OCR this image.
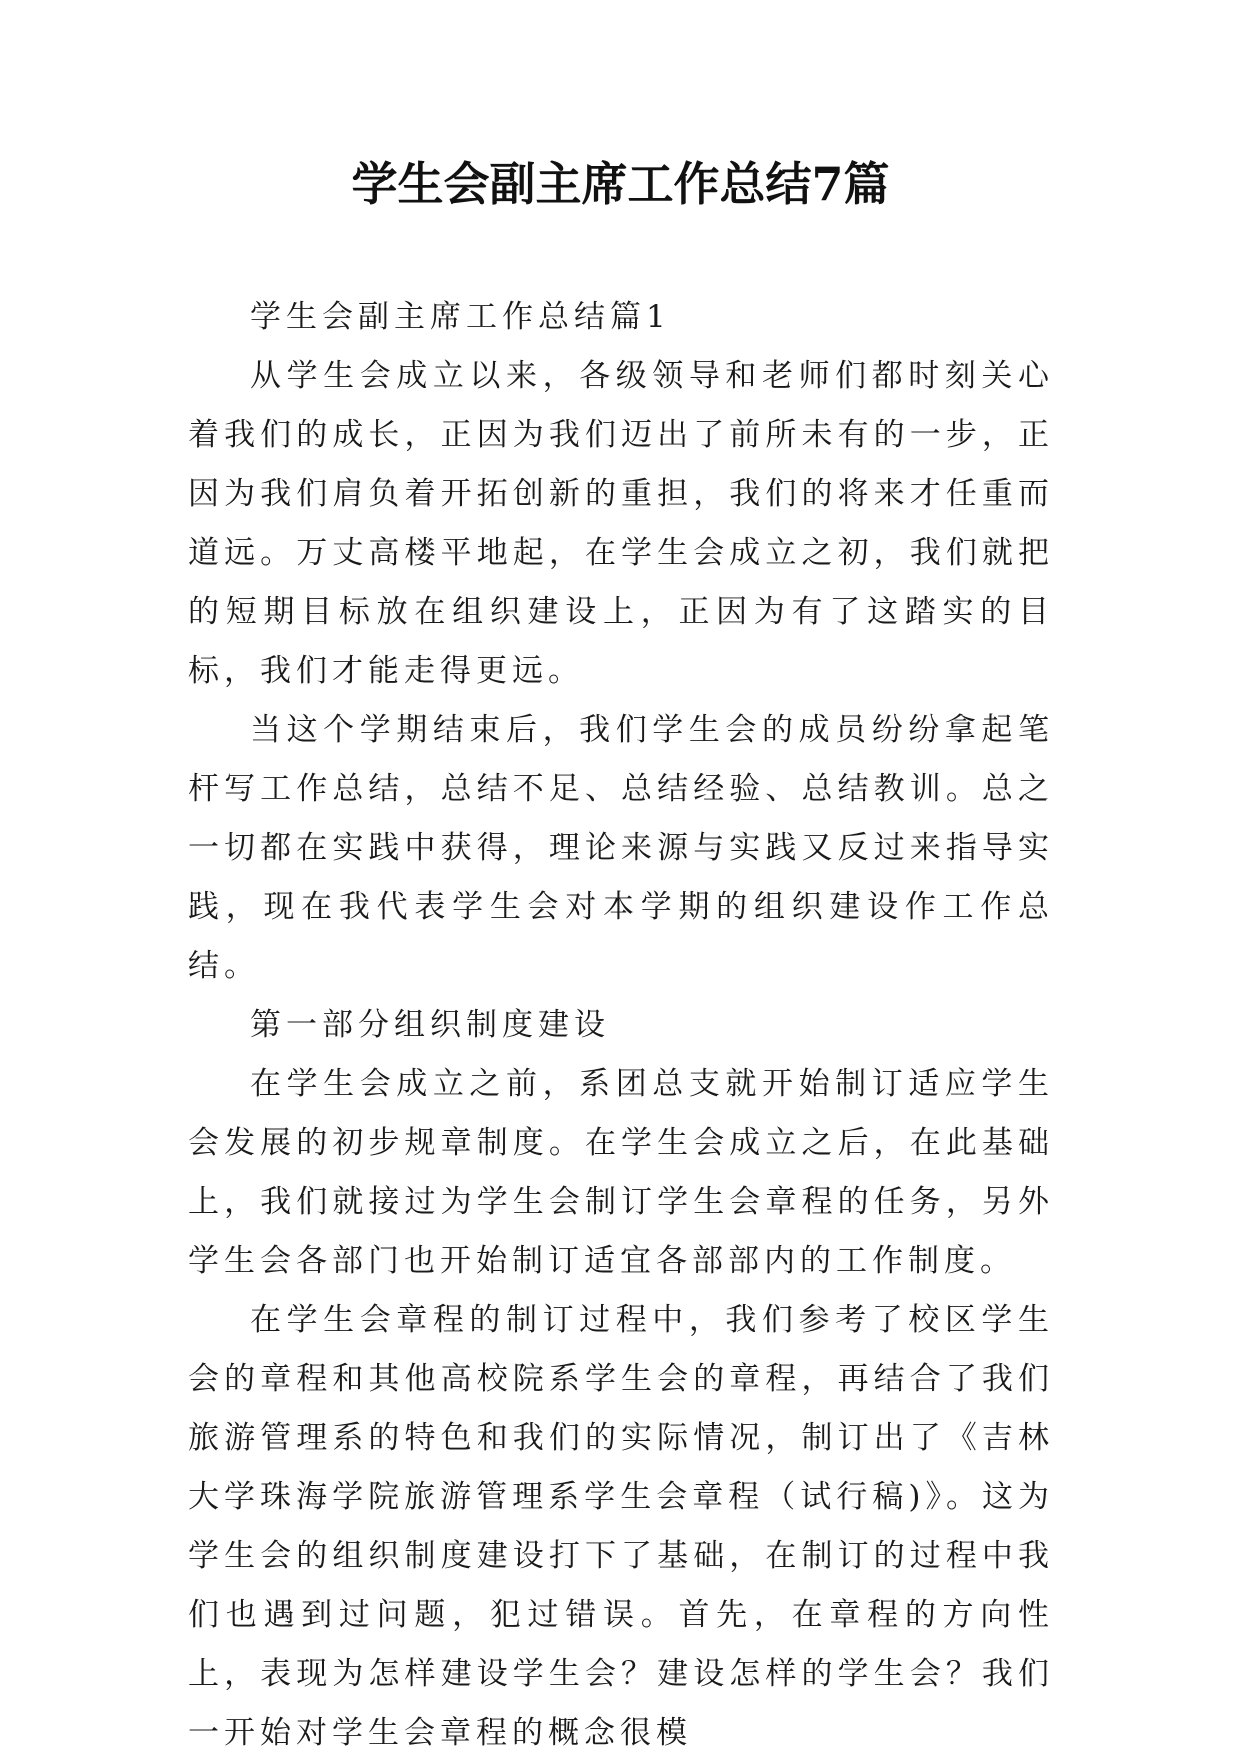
学生会副主席工作总结7篇

学生会副主席工作总结篇1

从学生会成立以来，各级领导和老师们都时刻关心着我们的成长，正因为我们迈出了前所未有的一步，正因为我们肩负着开拓创新的重担，我们的将来才任重而道远。万丈高楼平地起，在学生会成立之初，我们就把的短期目标放在组织建设上，正因为有了这踏实的目标，我们才能走得更远。

当这个学期结束后，我们学生会的成员纷纷拿起笔杆写工作总结，总结不足、总结经验、总结教训。总之一切都在实践中获得，理论来源与实践又反过来指导实践，现在我代表学生会对本学期的组织建设作工作总结。

第一部分组织制度建设

在学生会成立之前，系团总支就开始制订适应学生会发展的初步规章制度。在学生会成立之后，在此基础上，我们就接过为学生会制订学生会章程的任务，另外学生会各部门也开始制订适宜各部部内的工作制度。

在学生会章程的制订过程中，我们参考了校区学生会的章程和其他高校院系学生会的章程，再结合了我们旅游管理系的特色和我们的实际情况，制订出了《吉林大学珠海学院旅游管理系学生会章程（试行稿)》。这为学生会的组织制度建设打下了基础，在制订的过程中我们也遇到过问题，犯过错误。首先，在章程的方向性上，表现为怎样建设学生会？建设怎样的学生会？我们一开始对学生会章程的概念很模
